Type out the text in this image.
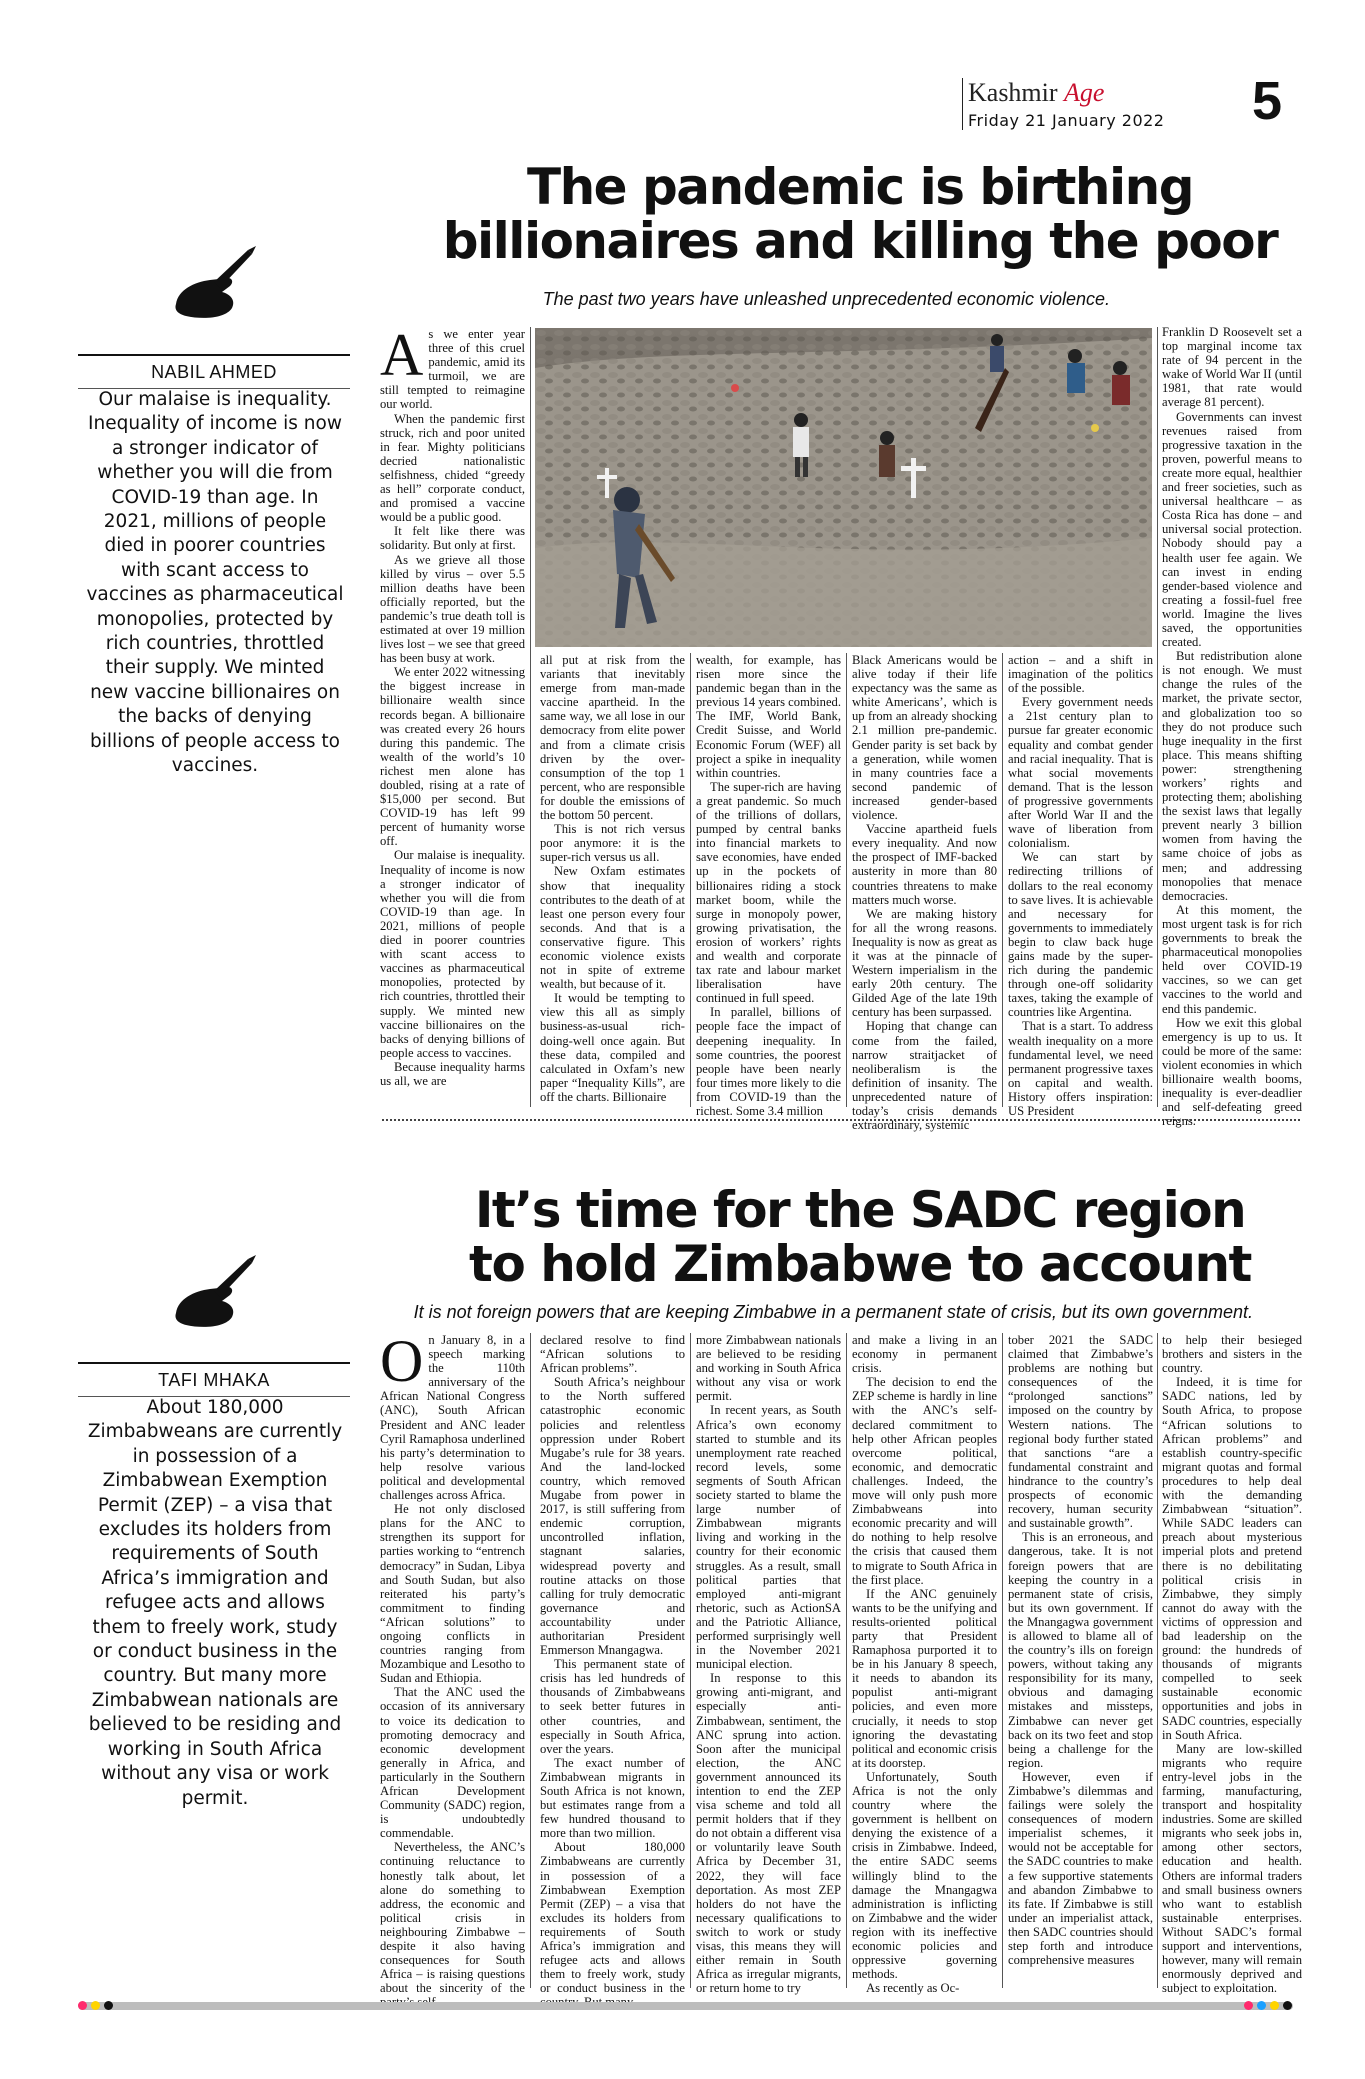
Kashmir Age
Friday 21 January 2022 5
The pandemic is birthing
billionaires and killing the poor
The past two years have unleashed unprecedented economic violence.
NABIL AHMED
Our malaise is inequality. Inequality of income is now a stronger indicator of whether you will die from COVID-19 than age. In 2021, millions of people died in poorer countries with scant access to vaccines as pharmaceutical monopolies, protected by rich countries, throttled their supply. We minted new vaccine billionaires on the backs of denying billions of people access to vaccines.
A s we enter year three of this cruel pandemic, amid its turmoil, we are still tempted to reimagine our world.

When the pandemic first struck, rich and poor united in fear. Mighty politicians decried nationalistic selfishness, chided “greedy as hell” corporate conduct, and promised a vaccine would be a public good.

It felt like there was solidarity. But only at first.

As we grieve all those killed by virus – over 5.5 million deaths have been officially reported, but the pandemic’s true death toll is estimated at over 19 million lives lost – we see that greed has been busy at work.

We enter 2022 witnessing the biggest increase in billionaire wealth since records began. A billionaire was created every 26 hours during this pandemic. The wealth of the world’s 10 richest men alone has doubled, rising at a rate of $15,000 per second. But COVID-19 has left 99 percent of humanity worse off.

Our malaise is inequality. Inequality of income is now a stronger indicator of whether you will die from COVID-19 than age. In 2021, millions of people died in poorer countries with scant access to vaccines as pharmaceutical monopolies, protected by rich countries, throttled their supply. We minted new vaccine billionaires on the backs of denying billions of people access to vaccines.

Because inequality harms us all, we are

all put at risk from the variants that inevitably emerge from man-made vaccine apartheid. In the same way, we all lose in our democracy from elite power and from a climate crisis driven by the over-consumption of the top 1 percent, who are responsible for double the emissions of the bottom 50 percent.

This is not rich versus poor anymore: it is the super-rich versus us all.

New Oxfam estimates show that inequality contributes to the death of at least one person every four seconds. And that is a conservative figure. This economic violence exists not in spite of extreme wealth, but because of it.

It would be tempting to view this all as simply business-as-usual rich-doing-well once again. But these data, compiled and calculated in Oxfam’s new paper “Inequality Kills”, are off the charts. Billionaire

wealth, for example, has risen more since the pandemic began than in the previous 14 years combined. The IMF, World Bank, Credit Suisse, and World Economic Forum (WEF) all project a spike in inequality within countries.

The super-rich are having a great pandemic. So much of the trillions of dollars, pumped by central banks into financial markets to save economies, have ended up in the pockets of billionaires riding a stock market boom, while the surge in monopoly power, growing privatisation, the erosion of workers’ rights and wealth and corporate tax rate and labour market liberalisation have continued in full speed.

In parallel, billions of people face the impact of deepening inequality. In some countries, the poorest people have been nearly four times more likely to die from COVID-19 than the richest. Some 3.4 million

Black Americans would be alive today if their life expectancy was the same as white Americans’, which is up from an already shocking 2.1 million pre-pandemic. Gender parity is set back by a generation, while women in many countries face a second pandemic of increased gender-based violence.

Vaccine apartheid fuels every inequality. And now the prospect of IMF-backed austerity in more than 80 countries threatens to make matters much worse.

We are making history for all the wrong reasons. Inequality is now as great as it was at the pinnacle of Western imperialism in the early 20th century. The Gilded Age of the late 19th century has been surpassed.

Hoping that change can come from the failed, narrow straitjacket of neoliberalism is the definition of insanity. The unprecedented nature of today’s crisis demands extraordinary, systemic

action – and a shift in imagination of the politics of the possible.

Every government needs a 21st century plan to pursue far greater economic equality and combat gender and racial inequality. That is what social movements demand. That is the lesson of progressive governments after World War II and the wave of liberation from colonialism.

We can start by redirecting trillions of dollars to the real economy to save lives. It is achievable and necessary for governments to immediately begin to claw back huge gains made by the super-rich during the pandemic through one-off solidarity taxes, taking the example of countries like Argentina.

That is a start. To address wealth inequality on a more fundamental level, we need permanent progressive taxes on capital and wealth. History offers inspiration: US President

Franklin D Roosevelt set a top marginal income tax rate of 94 percent in the wake of World War II (until 1981, that rate would average 81 percent).

Governments can invest revenues raised from progressive taxation in the proven, powerful means to create more equal, healthier and freer societies, such as universal healthcare – as Costa Rica has done – and universal social protection. Nobody should pay a health user fee again. We can invest in ending gender-based violence and creating a fossil-fuel free world. Imagine the lives saved, the opportunities created.

But redistribution alone is not enough. We must change the rules of the market, the private sector, and globalization too so they do not produce such huge inequality in the first place. This means shifting power: strengthening workers’ rights and protecting them; abolishing the sexist laws that legally prevent nearly 3 billion women from having the same choice of jobs as men; and addressing monopolies that menace democracies.

At this moment, the most urgent task is for rich governments to break the pharmaceutical monopolies held over COVID-19 vaccines, so we can get vaccines to the world and end this pandemic.

How we exit this global emergency is up to us. It could be more of the same: violent economies in which billionaire wealth booms, inequality is ever-deadlier and self-defeating greed reigns.

It’s time for the SADC region
to hold Zimbabwe to account
It is not foreign powers that are keeping Zimbabwe in a permanent state of crisis, but its own government.
TAFI MHAKA
About 180,000 Zimbabweans are currently in possession of a Zimbabwean Exemption Permit (ZEP) – a visa that excludes its holders from requirements of South Africa’s immigration and refugee acts and allows them to freely work, study or conduct business in the country. But many more Zimbabwean nationals are believed to be residing and working in South Africa without any visa or work permit.
O n January 8, in a speech marking the 110th anniversary of the African National Congress (ANC), South African President and ANC leader Cyril Ramaphosa underlined his party’s determination to help resolve various political and developmental challenges across Africa.

He not only disclosed plans for the ANC to strengthen its support for parties working to “entrench democracy” in Sudan, Libya and South Sudan, but also reiterated his party’s commitment to finding “African solutions” to ongoing conflicts in countries ranging from Mozambique and Lesotho to Sudan and Ethiopia.

That the ANC used the occasion of its anniversary to voice its dedication to promoting democracy and economic development generally in Africa, and particularly in the Southern African Development Community (SADC) region, is undoubtedly commendable.

Nevertheless, the ANC’s continuing reluctance to honestly talk about, let alone do something to address, the economic and political crisis in neighbouring Zimbabwe – despite it also having consequences for South Africa – is raising questions about the sincerity of the

declared resolve to find “African solutions to African problems”.

South Africa’s neighbour to the North suffered catastrophic economic policies and relentless oppression under Robert Mugabe’s rule for 38 years. And the land-locked country, which removed Mugabe from power in 2017, is still suffering from endemic corruption, uncontrolled inflation, stagnant salaries, widespread poverty and routine attacks on those calling for truly democratic governance and accountability under authoritarian President Emmerson Mnangagwa.

This permanent state of crisis has led hundreds of thousands of Zimbabweans to seek better futures in other countries, and especially in South Africa, over the years.

The exact number of Zimbabwean migrants in South Africa is not known, but estimates range from a few hundred thousand to more than two million.

About 180,000 Zimbabweans are currently in possession of a Zimbabwean Exemption Permit (ZEP) – a visa that excludes its holders from requirements of South Africa’s immigration and refugee acts and allows them to freely work, study or conduct business in the

more Zimbabwean nationals are believed to be residing and working in South Africa without any visa or work permit.

In recent years, as South Africa’s own economy started to stumble and its unemployment rate reached record levels, some segments of South African society started to blame the large number of Zimbabwean migrants living and working in the country for their economic struggles. As a result, small political parties that employed anti-migrant rhetoric, such as ActionSA and the Patriotic Alliance, performed surprisingly well in the November 2021 municipal election.

In response to this growing anti-migrant, and especially anti-Zimbabwean, sentiment, the ANC sprung into action. Soon after the municipal election, the ANC government announced its intention to end the ZEP visa scheme and told all permit holders that if they do not obtain a different visa or voluntarily leave South Africa by December 31, 2022, they will face deportation. As most ZEP holders do not have the necessary qualifications to switch to work or study visas, this means they will either remain in South Africa as irregular migrants, or return home to try

and make a living in an economy in permanent crisis.

The decision to end the ZEP scheme is hardly in line with the ANC’s self-declared commitment to help other African peoples overcome political, economic, and democratic challenges. Indeed, the move will only push more Zimbabweans into economic precarity and will do nothing to help resolve the crisis that caused them to migrate to South Africa in the first place.

If the ANC genuinely wants to be the unifying and results-oriented political party that President Ramaphosa purported it to be in his January 8 speech, it needs to abandon its populist anti-migrant policies, and even more crucially, it needs to stop ignoring the devastating political and economic crisis at its doorstep.

Unfortunately, South Africa is not the only country where the government is hellbent on denying the existence of a crisis in Zimbabwe. Indeed, the entire SADC seems willingly blind to the damage the Mnangagwa administration is inflicting on Zimbabwe and the wider region with its ineffective economic policies and oppressive governing methods.

As recently as Oc-

tober 2021 the SADC claimed that Zimbabwe’s problems are nothing but consequences of the “prolonged sanctions” imposed on the country by Western nations. The regional body further stated that sanctions “are a fundamental constraint and hindrance to the country’s prospects of economic recovery, human security and sustainable growth”.

This is an erroneous, and dangerous, take. It is not foreign powers that are keeping the country in a permanent state of crisis, but its own government. If the Mnangagwa government is allowed to blame all of the country’s ills on foreign powers, without taking any responsibility for its many, obvious and damaging mistakes and missteps, Zimbabwe can never get back on its two feet and stop being a challenge for the region.

However, even if Zimbabwe’s dilemmas and failings were solely the consequences of modern imperialist schemes, it would not be acceptable for the SADC countries to make a few supportive statements and abandon Zimbabwe to its fate. If Zimbabwe is still under an imperialist attack, then SADC countries should step forth and introduce comprehensive measures

to help their besieged brothers and sisters in the country.

Indeed, it is time for SADC nations, led by South Africa, to propose “African solutions to African problems” and establish country-specific migrant quotas and formal procedures to help deal with the demanding Zimbabwean “situation”. While SADC leaders can preach about mysterious imperial plots and pretend there is no debilitating political crisis in Zimbabwe, they simply cannot do away with the victims of oppression and bad leadership on the ground: the hundreds of thousands of migrants compelled to seek sustainable economic opportunities and jobs in SADC countries, especially in South Africa.

Many are low-skilled migrants who require entry-level jobs in the farming, manufacturing, transport and hospitality industries. Some are skilled migrants who seek jobs in, among other sectors, education and health. Others are informal traders and small business owners who want to establish sustainable enterprises. Without SADC’s formal support and interventions, however, many will remain enormously deprived and subject to exploitation.
